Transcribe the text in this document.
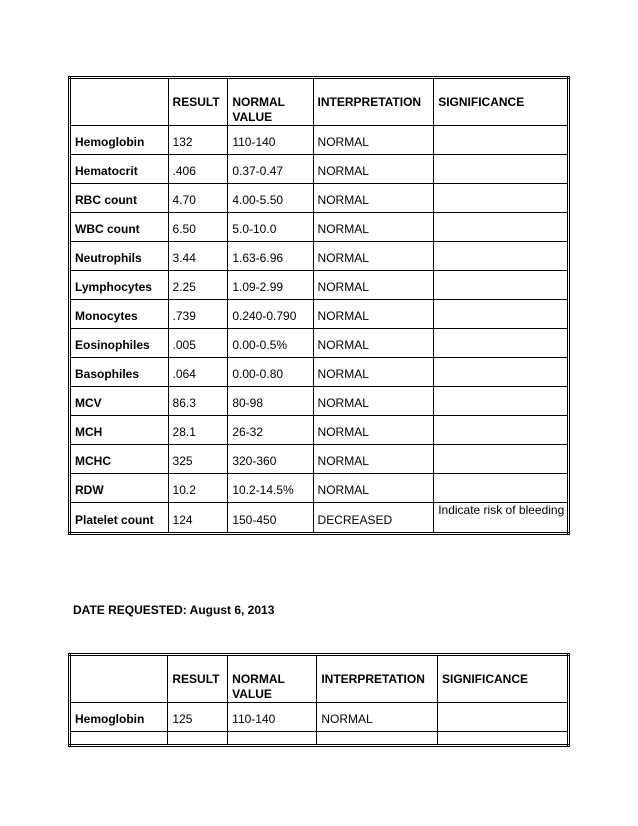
	RESULT	NORMAL VALUE	INTERPRETATION	SIGNIFICANCE
Hemoglobin	132	110-140	NORMAL	
Hematocrit	.406	0.37-0.47	NORMAL	
RBC count	4.70	4.00-5.50	NORMAL	
WBC count	6.50	5.0-10.0	NORMAL	
Neutrophils	3.44	1.63-6.96	NORMAL	
Lymphocytes	2.25	1.09-2.99	NORMAL	
Monocytes	.739	0.240-0.790	NORMAL	
Eosinophiles	.005	0.00-0.5%	NORMAL	
Basophiles	.064	0.00-0.80	NORMAL	
MCV	86.3	80-98	NORMAL	
MCH	28.1	26-32	NORMAL	
MCHC	325	320-360	NORMAL	
RDW	10.2	10.2-14.5%	NORMAL	
Platelet count	124	150-450	DECREASED	Indicate risk of bleeding
DATE REQUESTED: August 6, 2013
	RESULT	NORMAL VALUE	INTERPRETATION	SIGNIFICANCE
Hemoglobin	125	110-140	NORMAL	
